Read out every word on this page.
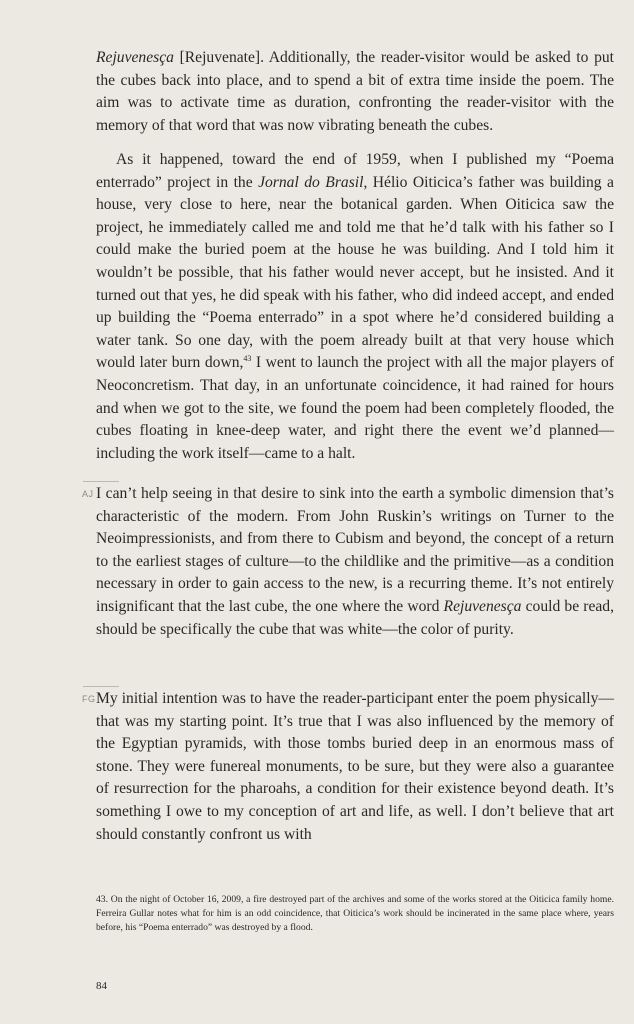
Rejuvenesça [Rejuvenate]. Additionally, the reader-visitor would be asked to put the cubes back into place, and to spend a bit of extra time inside the poem. The aim was to activate time as duration, confronting the reader-visitor with the memory of that word that was now vibrating beneath the cubes.

As it happened, toward the end of 1959, when I published my “Poema enterrado” project in the Jornal do Brasil, Hélio Oiticica’s father was building a house, very close to here, near the botanical garden. When Oiticica saw the project, he immediately called me and told me that he’d talk with his father so I could make the buried poem at the house he was building. And I told him it wouldn’t be possible, that his father would never accept, but he insisted. And it turned out that yes, he did speak with his father, who did indeed accept, and ended up building the “Poema enterrado” in a spot where he’d considered building a water tank. So one day, with the poem already built at that very house which would later burn down,$^{43}$ I went to launch the project with all the major players of Neoconcretism. That day, in an unfortunate coincidence, it had rained for hours and when we got to the site, we found the poem had been completely flooded, the cubes floating in knee-deep water, and right there the event we’d planned—including the work itself—came to a halt.

AJ I can’t help seeing in that desire to sink into the earth a symbolic dimension that’s characteristic of the modern. From John Ruskin’s writings on Turner to the Neoimpressionists, and from there to Cubism and beyond, the concept of a return to the earliest stages of culture—to the childlike and the primitive—as a condition necessary in order to gain access to the new, is a recurring theme. It’s not entirely insignificant that the last cube, the one where the word Rejuvenesça could be read, should be specifically the cube that was white—the color of purity.

FG My initial intention was to have the reader-participant enter the poem physically—that was my starting point. It’s true that I was also influenced by the memory of the Egyptian pyramids, with those tombs buried deep in an enormous mass of stone. They were funereal monuments, to be sure, but they were also a guarantee of resurrection for the pharoahs, a condition for their existence beyond death. It’s something I owe to my conception of art and life, as well. I don’t believe that art should constantly confront us with

43. On the night of October 16, 2009, a fire destroyed part of the archives and some of the works stored at the Oiticica family home. Ferreira Gullar notes what for him is an odd coincidence, that Oiticica’s work should be incinerated in the same place where, years before, his “Poema enterrado” was destroyed by a flood.
84
